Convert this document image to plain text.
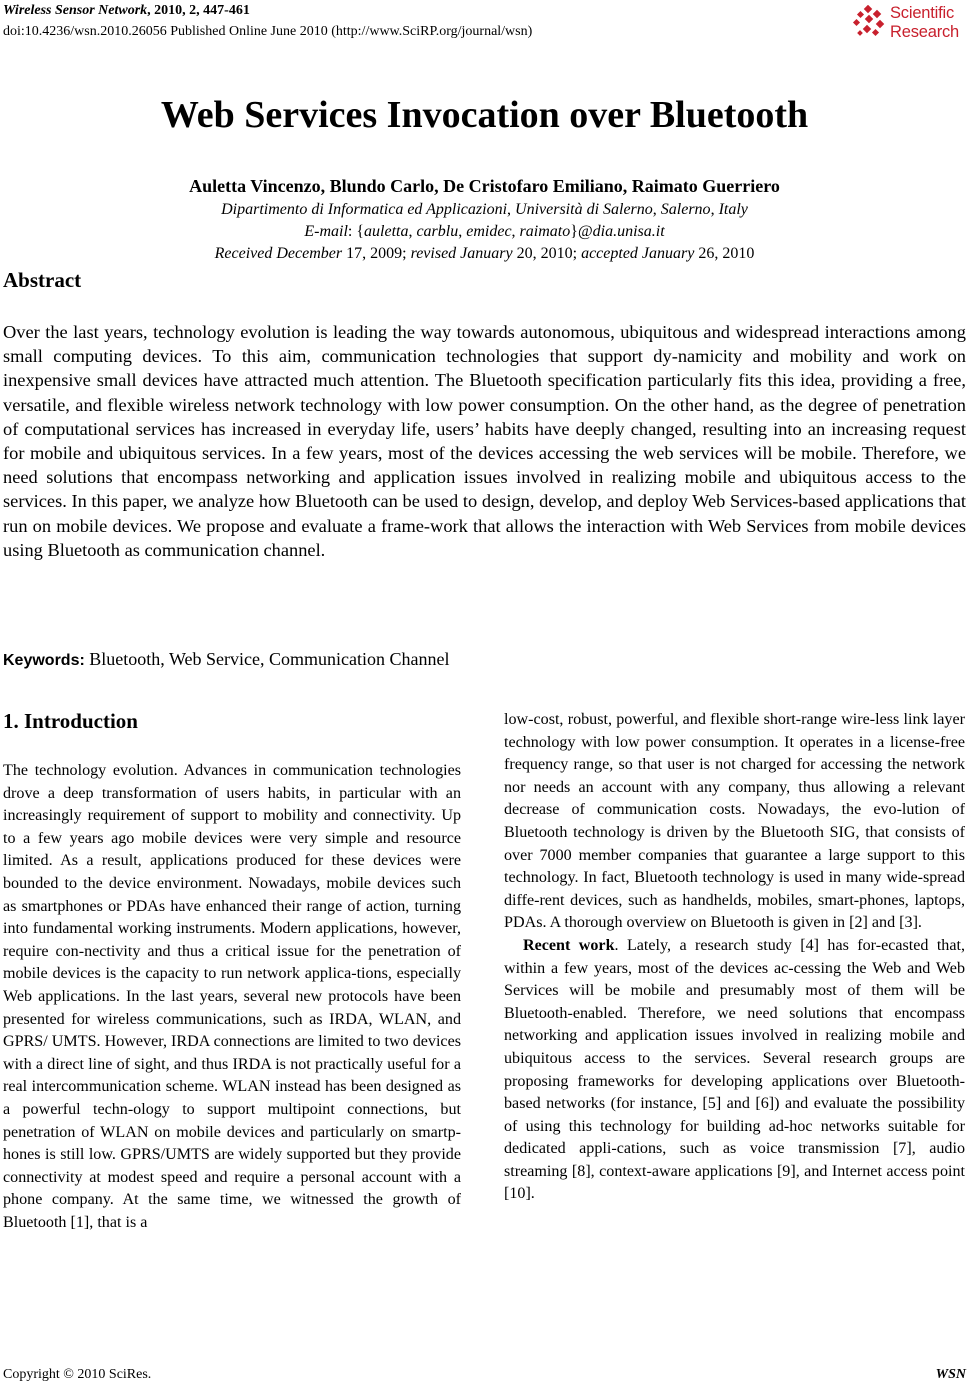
Wireless Sensor Network, 2010, 2, 447-461
doi:10.4236/wsn.2010.26056 Published Online June 2010 (http://www.SciRP.org/journal/wsn)
Scientific
Research
Web Services Invocation over Bluetooth
Auletta Vincenzo, Blundo Carlo, De Cristofaro Emiliano, Raimato Guerriero
Dipartimento di Informatica ed Applicazioni, Università di Salerno, Salerno, Italy
E-mail: {auletta, carblu, emidec, raimato}@dia.unisa.it
Received December 17, 2009; revised January 20, 2010; accepted January 26, 2010
Abstract

Over the last years, technology evolution is leading the way towards autonomous, ubiquitous and widespread interactions among small computing devices. To this aim, communication technologies that support dy-namicity and mobility and work on inexpensive small devices have attracted much attention. The Bluetooth specification particularly fits this idea, providing a free, versatile, and flexible wireless network technology with low power consumption. On the other hand, as the degree of penetration of computational services has increased in everyday life, users’ habits have deeply changed, resulting into an increasing request for mobile and ubiquitous services. In a few years, most of the devices accessing the web services will be mobile. Therefore, we need solutions that encompass networking and application issues involved in realizing mobile and ubiquitous access to the services. In this paper, we analyze how Bluetooth can be used to design, develop, and deploy Web Services-based applications that run on mobile devices. We propose and evaluate a frame-work that allows the interaction with Web Services from mobile devices using Bluetooth as communication channel.

Keywords: Bluetooth, Web Service, Communication Channel
1. Introduction

The technology evolution. Advances in communication technologies drove a deep transformation of users habits, in particular with an increasingly requirement of support to mobility and connectivity. Up to a few years ago mobile devices were very simple and resource limited. As a result, applications produced for these devices were bounded to the device environment. Nowadays, mobile devices such as smartphones or PDAs have enhanced their range of action, turning into fundamental working instruments. Modern applications, however, require con-nectivity and thus a critical issue for the penetration of mobile devices is the capacity to run network applica-tions, especially Web applications. In the last years, several new protocols have been presented for wireless communications, such as IRDA, WLAN, and GPRS/ UMTS. However, IRDA connections are limited to two devices with a direct line of sight, and thus IRDA is not practically useful for a real intercommunication scheme. WLAN instead has been designed as a powerful techn-ology to support multipoint connections, but penetration of WLAN on mobile devices and particularly on smartp-hones is still low. GPRS/UMTS are widely supported but they provide connectivity at modest speed and require a personal account with a phone company. At the same time, we witnessed the growth of Bluetooth [1], that is a

low-cost, robust, powerful, and flexible short-range wire-less link layer technology with low power consumption. It operates in a license-free frequency range, so that user is not charged for accessing the network nor needs an account with any company, thus allowing a relevant decrease of communication costs. Nowadays, the evo-lution of Bluetooth technology is driven by the Bluetooth SIG, that consists of over 7000 member companies that guarantee a large support to this technology. In fact, Bluetooth technology is used in many wide-spread diffe-rent devices, such as handhelds, mobiles, smart-phones, laptops, PDAs. A thorough overview on Bluetooth is given in [2] and [3].

Recent work. Lately, a research study [4] has for-ecasted that, within a few years, most of the devices ac-cessing the Web and Web Services will be mobile and presumably most of them will be Bluetooth-enabled. Therefore, we need solutions that encompass networking and application issues involved in realizing mobile and ubiquitous access to the services. Several research groups are proposing frameworks for developing applications over Bluetooth-based networks (for instance, [5] and [6]) and evaluate the possibility of using this technology for building ad-hoc networks suitable for dedicated appli-cations, such as voice transmission [7], audio streaming [8], context-aware applications [9], and Internet access point [10].

Copyright © 2010 SciRes.	WSN
